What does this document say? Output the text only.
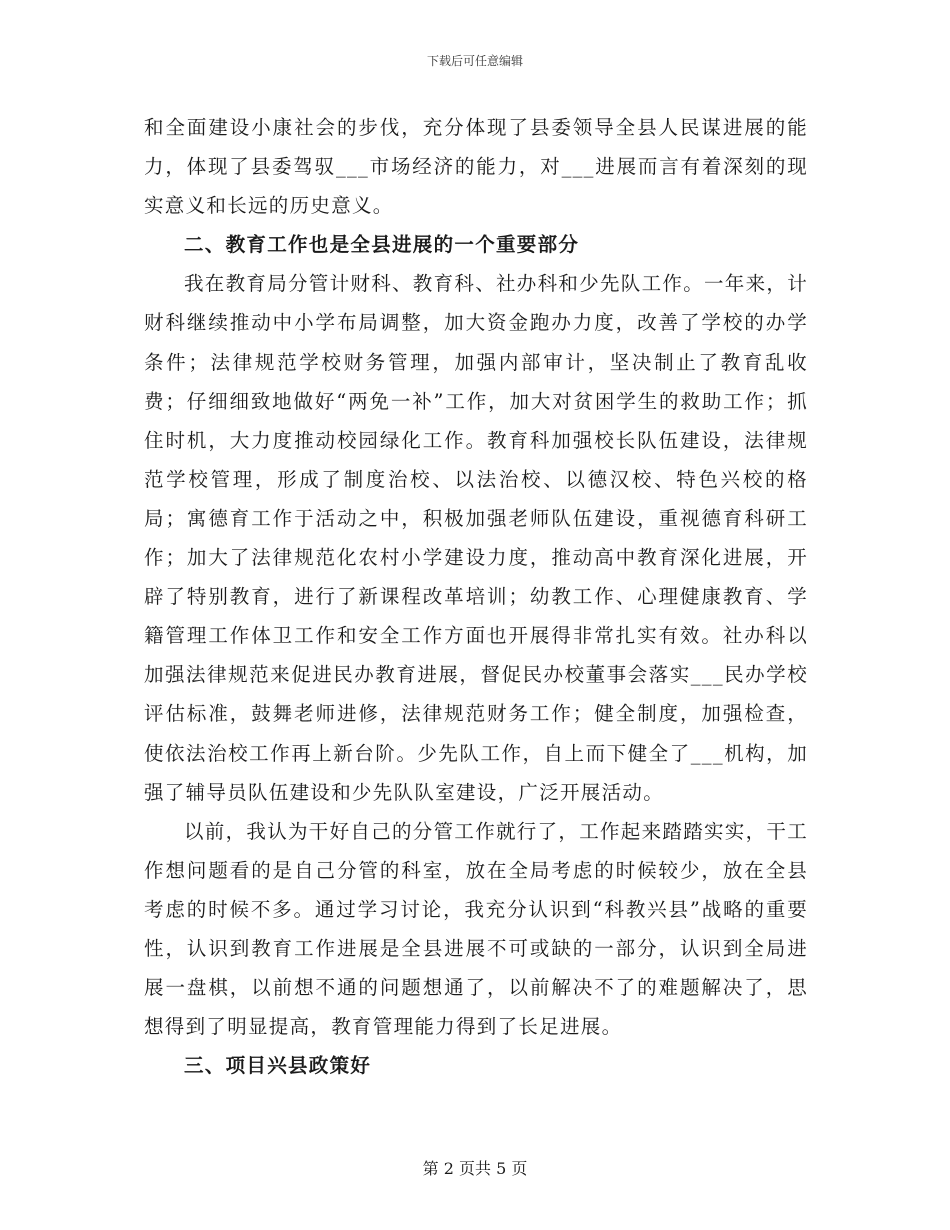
下载后可任意编辑

和全面建设小康社会的步伐，充分体现了县委领导全县人民谋进展的能力，体现了县委驾驭___市场经济的能力，对___进展而言有着深刻的现实意义和长远的历史意义。

二、教育工作也是全县进展的一个重要部分

我在教育局分管计财科、教育科、社办科和少先队工作。一年来，计财科继续推动中小学布局调整，加大资金跑办力度，改善了学校的办学条件；法律规范学校财务管理，加强内部审计，坚决制止了教育乱收费；仔细细致地做好“两免一补”工作，加大对贫困学生的救助工作；抓住时机，大力度推动校园绿化工作。教育科加强校长队伍建设，法律规范学校管理，形成了制度治校、以法治校、以德汉校、特色兴校的格局；寓德育工作于活动之中，积极加强老师队伍建设，重视德育科研工作；加大了法律规范化农村小学建设力度，推动高中教育深化进展，开辟了特别教育，进行了新课程改革培训；幼教工作、心理健康教育、学籍管理工作体卫工作和安全工作方面也开展得非常扎实有效。社办科以加强法律规范来促进民办教育进展，督促民办校董事会落实___民办学校评估标准，鼓舞老师进修，法律规范财务工作；健全制度，加强检查，使依法治校工作再上新台阶。少先队工作，自上而下健全了___机构，加强了辅导员队伍建设和少先队队室建设，广泛开展活动。

以前，我认为干好自己的分管工作就行了，工作起来踏踏实实，干工作想问题看的是自己分管的科室，放在全局考虑的时候较少，放在全县考虑的时候不多。通过学习讨论，我充分认识到“科教兴县”战略的重要性，认识到教育工作进展是全县进展不可或缺的一部分，认识到全局进展一盘棋，以前想不通的问题想通了，以前解决不了的难题解决了，思想得到了明显提高，教育管理能力得到了长足进展。

三、项目兴县政策好

第 2 页共 5 页
